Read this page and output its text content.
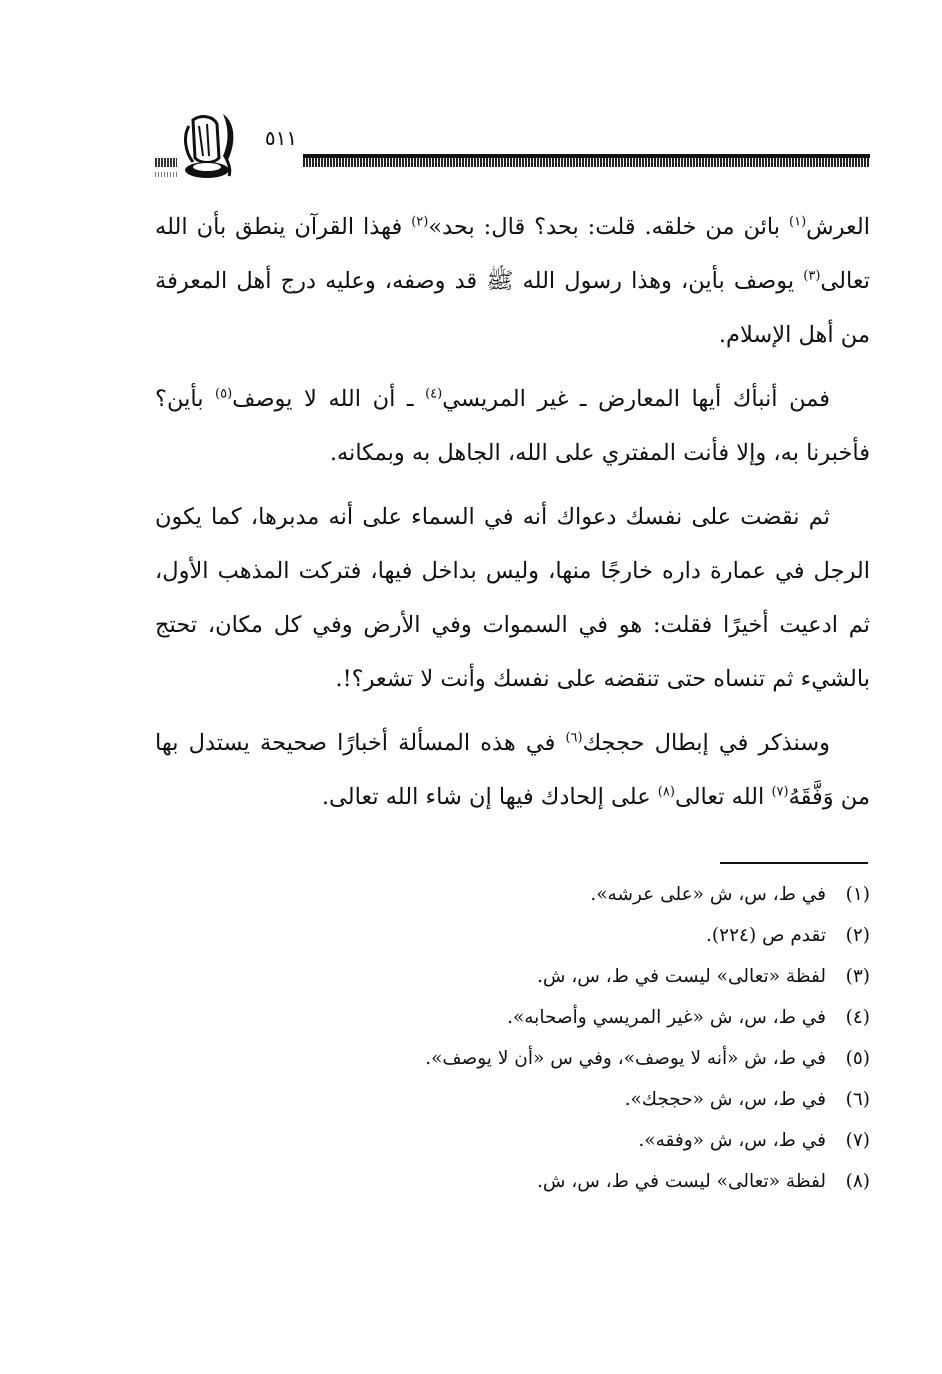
٥١١

العرش$^{(١)}$ بائن من خلقه. قلت: بحد؟ قال: بحد»$^{(٢)}$ فهذا القرآن ينطق بأن الله تعالى$^{(٣)}$ يوصف بأين، وهذا رسول الله ﷺ قد وصفه، وعليه درج أهل المعرفة من أهل الإسلام.

فمن أنبأك أيها المعارض ـ غير المريسي$^{(٤)}$ ـ أن الله لا يوصف$^{(٥)}$ بأين؟ فأخبرنا به، وإلا فأنت المفتري على الله، الجاهل به وبمكانه.

ثم نقضت على نفسك دعواك أنه في السماء على أنه مدبرها، كما يكون الرجل في عمارة داره خارجًا منها، وليس بداخل فيها، فتركت المذهب الأول، ثم ادعيت أخيرًا فقلت: هو في السموات وفي الأرض وفي كل مكان، تحتج بالشيء ثم تنساه حتى تنقضه على نفسك وأنت لا تشعر؟!.

وسنذكر في إبطال حججك$^{(٦)}$ في هذه المسألة أخبارًا صحيحة يستدل بها من وَفَّقَهُ$^{(٧)}$ الله تعالى$^{(٨)}$ على إلحادك فيها إن شاء الله تعالى.

(١)في ط، س، ش «على عرشه».
(٢)تقدم ص (٢٢٤).
(٣)لفظة «تعالى» ليست في ط، س، ش.
(٤)في ط، س، ش «غير المريسي وأصحابه».
(٥)في ط، ش «أنه لا يوصف»، وفي س «أن لا يوصف».
(٦)في ط، س، ش «حججك».
(٧)في ط، س، ش «وفقه».
(٨)لفظة «تعالى» ليست في ط، س، ش.
